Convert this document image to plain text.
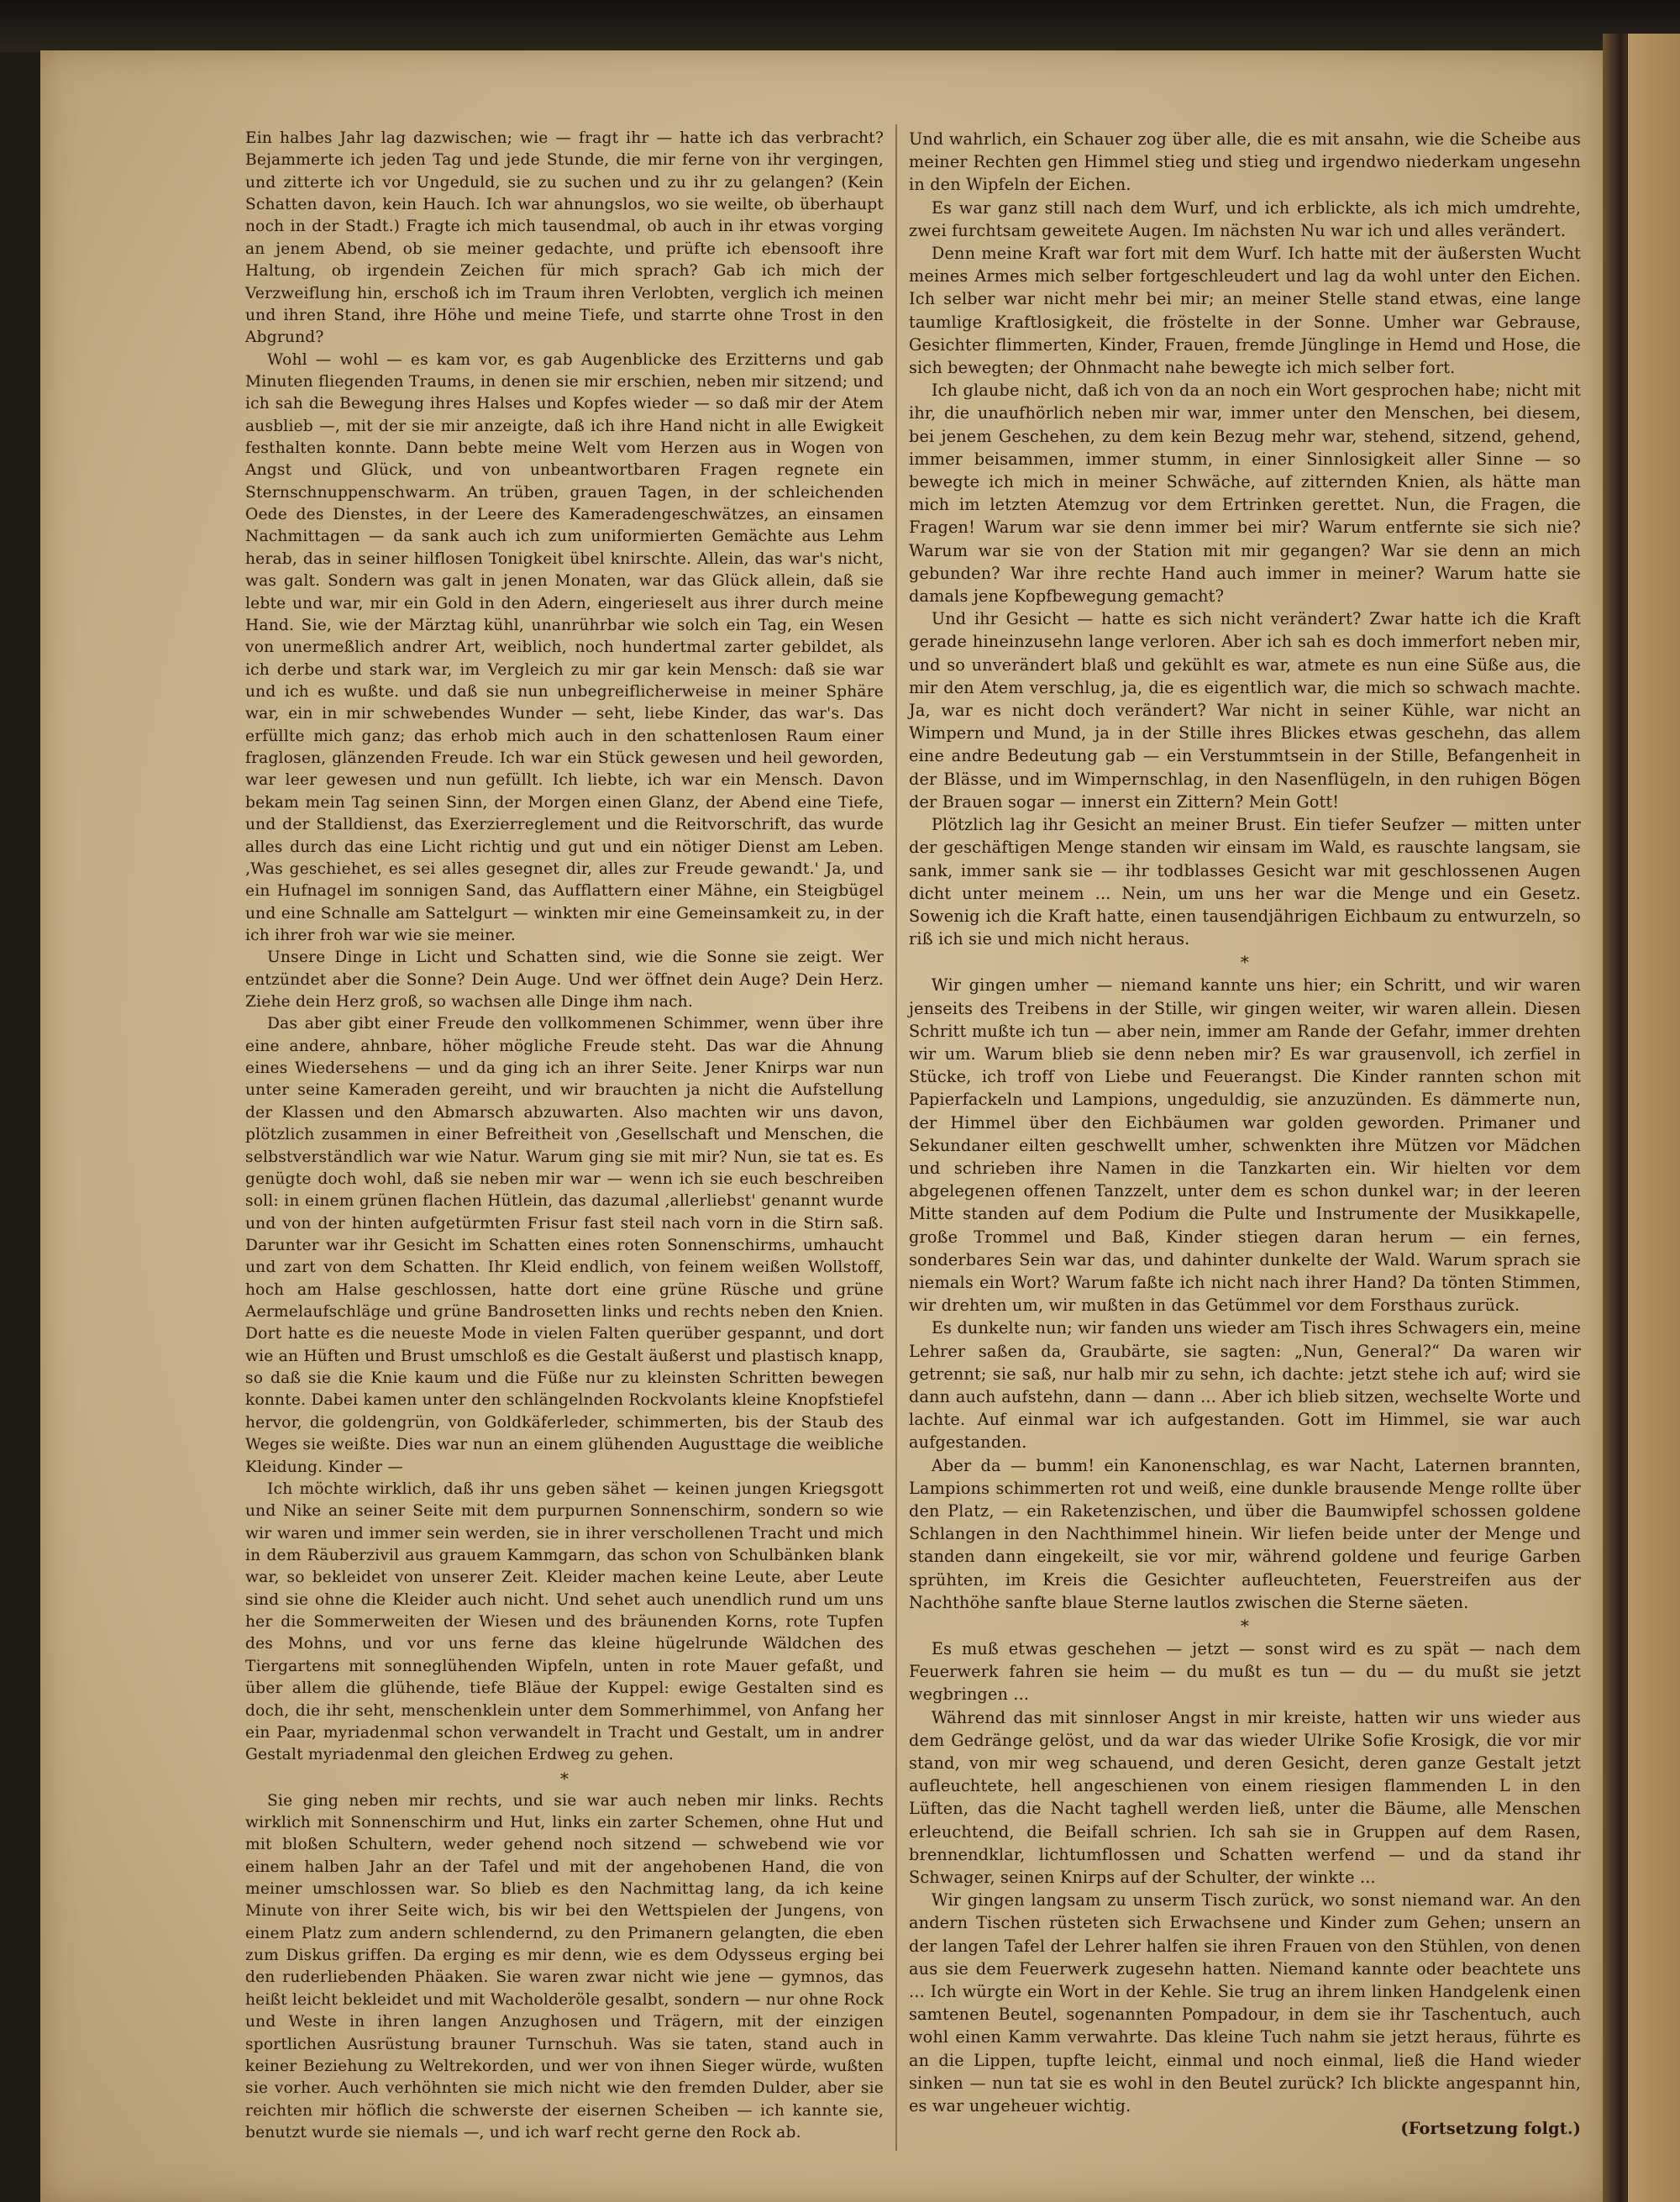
Ein halbes Jahr lag dazwischen; wie — fragt ihr — hatte ich das verbracht? Bejammerte ich jeden Tag und jede Stunde, die mir ferne von ihr vergingen, und zitterte ich vor Ungeduld, sie zu suchen und zu ihr zu gelangen? (Kein Schatten davon, kein Hauch. Ich war ahnungslos, wo sie weilte, ob überhaupt noch in der Stadt.) Fragte ich mich tausendmal, ob auch in ihr etwas vorging an jenem Abend, ob sie meiner gedachte, und prüfte ich ebensooft ihre Haltung, ob irgendein Zeichen für mich sprach? Gab ich mich der Verzweiflung hin, erschoß ich im Traum ihren Verlobten, verglich ich meinen und ihren Stand, ihre Höhe und meine Tiefe, und starrte ohne Trost in den Abgrund?

Wohl — wohl — es kam vor, es gab Augenblicke des Erzitterns und gab Minuten fliegenden Traums, in denen sie mir erschien, neben mir sitzend; und ich sah die Bewegung ihres Halses und Kopfes wieder — so daß mir der Atem ausblieb —, mit der sie mir anzeigte, daß ich ihre Hand nicht in alle Ewigkeit festhalten konnte. Dann bebte meine Welt vom Herzen aus in Wogen von Angst und Glück, und von unbeantwortbaren Fragen regnete ein Sternschnuppenschwarm. An trüben, grauen Tagen, in der schleichenden Oede des Dienstes, in der Leere des Kameradengeschwätzes, an einsamen Nachmittagen — da sank auch ich zum uniformierten Gemächte aus Lehm herab, das in seiner hilflosen Tonigkeit übel knirschte. Allein, das war's nicht, was galt. Sondern was galt in jenen Monaten, war das Glück allein, daß sie lebte und war, mir ein Gold in den Adern, eingerieselt aus ihrer durch meine Hand. Sie, wie der Märztag kühl, unanrührbar wie solch ein Tag, ein Wesen von unermeßlich andrer Art, weiblich, noch hundertmal zarter gebildet, als ich derbe und stark war, im Vergleich zu mir gar kein Mensch: daß sie war und ich es wußte. und daß sie nun unbegreiflicherweise in meiner Sphäre war, ein in mir schwebendes Wunder — seht, liebe Kinder, das war's. Das erfüllte mich ganz; das erhob mich auch in den schattenlosen Raum einer fraglosen, glänzenden Freude. Ich war ein Stück gewesen und heil geworden, war leer gewesen und nun gefüllt. Ich liebte, ich war ein Mensch. Davon bekam mein Tag seinen Sinn, der Morgen einen Glanz, der Abend eine Tiefe, und der Stalldienst, das Exerzierreglement und die Reitvorschrift, das wurde alles durch das eine Licht richtig und gut und ein nötiger Dienst am Leben. ‚Was geschiehet, es sei alles gesegnet dir, alles zur Freude gewandt.' Ja, und ein Hufnagel im sonnigen Sand, das Aufflattern einer Mähne, ein Steigbügel und eine Schnalle am Sattelgurt — winkten mir eine Gemeinsamkeit zu, in der ich ihrer froh war wie sie meiner.

Unsere Dinge in Licht und Schatten sind, wie die Sonne sie zeigt. Wer entzündet aber die Sonne? Dein Auge. Und wer öffnet dein Auge? Dein Herz. Ziehe dein Herz groß, so wachsen alle Dinge ihm nach.

Das aber gibt einer Freude den vollkommenen Schimmer, wenn über ihre eine andere, ahnbare, höher mögliche Freude steht. Das war die Ahnung eines Wiedersehens — und da ging ich an ihrer Seite. Jener Knirps war nun unter seine Kameraden gereiht, und wir brauchten ja nicht die Aufstellung der Klassen und den Abmarsch abzuwarten. Also machten wir uns davon, plötzlich zusammen in einer Befreitheit von ‚Gesellschaft und Menschen, die selbstverständlich war wie Natur. Warum ging sie mit mir? Nun, sie tat es. Es genügte doch wohl, daß sie neben mir war — wenn ich sie euch beschreiben soll: in einem grünen flachen Hütlein, das dazumal ‚allerliebst' genannt wurde und von der hinten aufgetürmten Frisur fast steil nach vorn in die Stirn saß. Darunter war ihr Gesicht im Schatten eines roten Sonnenschirms, umhaucht und zart von dem Schatten. Ihr Kleid endlich, von feinem weißen Wollstoff, hoch am Halse geschlossen, hatte dort eine grüne Rüsche und grüne Aermelaufschläge und grüne Bandrosetten links und rechts neben den Knien. Dort hatte es die neueste Mode in vielen Falten querüber gespannt, und dort wie an Hüften und Brust umschloß es die Gestalt äußerst und plastisch knapp, so daß sie die Knie kaum und die Füße nur zu kleinsten Schritten bewegen konnte. Dabei kamen unter den schlängelnden Rockvolants kleine Knopfstiefel hervor, die goldengrün, von Goldkäferleder, schimmerten, bis der Staub des Weges sie weißte. Dies war nun an einem glühenden Augusttage die weibliche Kleidung. Kinder —

Ich möchte wirklich, daß ihr uns geben sähet — keinen jungen Kriegsgott und Nike an seiner Seite mit dem purpurnen Sonnenschirm, sondern so wie wir waren und immer sein werden, sie in ihrer verschollenen Tracht und mich in dem Räuberzivil aus grauem Kammgarn, das schon von Schulbänken blank war, so bekleidet von unserer Zeit. Kleider machen keine Leute, aber Leute sind sie ohne die Kleider auch nicht. Und sehet auch unendlich rund um uns her die Sommerweiten der Wiesen und des bräunenden Korns, rote Tupfen des Mohns, und vor uns ferne das kleine hügelrunde Wäldchen des Tiergartens mit sonneglühenden Wipfeln, unten in rote Mauer gefaßt, und über allem die glühende, tiefe Bläue der Kuppel: ewige Gestalten sind es doch, die ihr seht, menschenklein unter dem Sommerhimmel, von Anfang her ein Paar, myriadenmal schon verwandelt in Tracht und Gestalt, um in andrer Gestalt myriadenmal den gleichen Erdweg zu gehen.

*

Sie ging neben mir rechts, und sie war auch neben mir links. Rechts wirklich mit Sonnenschirm und Hut, links ein zarter Schemen, ohne Hut und mit bloßen Schultern, weder gehend noch sitzend — schwebend wie vor einem halben Jahr an der Tafel und mit der angehobenen Hand, die von meiner umschlossen war. So blieb es den Nachmittag lang, da ich keine Minute von ihrer Seite wich, bis wir bei den Wettspielen der Jungens, von einem Platz zum andern schlendernd, zu den Primanern gelangten, die eben zum Diskus griffen. Da erging es mir denn, wie es dem Odysseus erging bei den ruderliebenden Phäaken. Sie waren zwar nicht wie jene — gymnos, das heißt leicht bekleidet und mit Wacholderöle gesalbt, sondern — nur ohne Rock und Weste in ihren langen Anzughosen und Trägern, mit der einzigen sportlichen Ausrüstung brauner Turnschuh. Was sie taten, stand auch in keiner Beziehung zu Weltrekorden, und wer von ihnen Sieger würde, wußten sie vorher. Auch verhöhnten sie mich nicht wie den fremden Dulder, aber sie reichten mir höflich die schwerste der eisernen Scheiben — ich kannte sie, benutzt wurde sie niemals —, und ich warf recht gerne den Rock ab.

Und wahrlich, ein Schauer zog über alle, die es mit ansahn, wie die Scheibe aus meiner Rechten gen Himmel stieg und stieg und irgendwo niederkam ungesehn in den Wipfeln der Eichen.

Es war ganz still nach dem Wurf, und ich erblickte, als ich mich umdrehte, zwei furchtsam geweitete Augen. Im nächsten Nu war ich und alles verändert.

Denn meine Kraft war fort mit dem Wurf. Ich hatte mit der äußersten Wucht meines Armes mich selber fortgeschleudert und lag da wohl unter den Eichen. Ich selber war nicht mehr bei mir; an meiner Stelle stand etwas, eine lange taumlige Kraftlosigkeit, die fröstelte in der Sonne. Umher war Gebrause, Gesichter flimmerten, Kinder, Frauen, fremde Jünglinge in Hemd und Hose, die sich bewegten; der Ohnmacht nahe bewegte ich mich selber fort.

Ich glaube nicht, daß ich von da an noch ein Wort gesprochen habe; nicht mit ihr, die unaufhörlich neben mir war, immer unter den Menschen, bei diesem, bei jenem Geschehen, zu dem kein Bezug mehr war, stehend, sitzend, gehend, immer beisammen, immer stumm, in einer Sinnlosigkeit aller Sinne — so bewegte ich mich in meiner Schwäche, auf zitternden Knien, als hätte man mich im letzten Atemzug vor dem Ertrinken gerettet. Nun, die Fragen, die Fragen! Warum war sie denn immer bei mir? Warum entfernte sie sich nie? Warum war sie von der Station mit mir gegangen? War sie denn an mich gebunden? War ihre rechte Hand auch immer in meiner? Warum hatte sie damals jene Kopfbewegung gemacht?

Und ihr Gesicht — hatte es sich nicht verändert? Zwar hatte ich die Kraft gerade hineinzusehn lange verloren. Aber ich sah es doch immerfort neben mir, und so unverändert blaß und gekühlt es war, atmete es nun eine Süße aus, die mir den Atem verschlug, ja, die es eigentlich war, die mich so schwach machte. Ja, war es nicht doch verändert? War nicht in seiner Kühle, war nicht an Wimpern und Mund, ja in der Stille ihres Blickes etwas geschehn, das allem eine andre Bedeutung gab — ein Verstummtsein in der Stille, Befangenheit in der Blässe, und im Wimpernschlag, in den Nasenflügeln, in den ruhigen Bögen der Brauen sogar — innerst ein Zittern? Mein Gott!

Plötzlich lag ihr Gesicht an meiner Brust. Ein tiefer Seufzer — mitten unter der geschäftigen Menge standen wir einsam im Wald, es rauschte langsam, sie sank, immer sank sie — ihr todblasses Gesicht war mit geschlossenen Augen dicht unter meinem ... Nein, um uns her war die Menge und ein Gesetz. Sowenig ich die Kraft hatte, einen tausendjährigen Eichbaum zu entwurzeln, so riß ich sie und mich nicht heraus.

*

Wir gingen umher — niemand kannte uns hier; ein Schritt, und wir waren jenseits des Treibens in der Stille, wir gingen weiter, wir waren allein. Diesen Schritt mußte ich tun — aber nein, immer am Rande der Gefahr, immer drehten wir um. Warum blieb sie denn neben mir? Es war grausenvoll, ich zerfiel in Stücke, ich troff von Liebe und Feuerangst. Die Kinder rannten schon mit Papierfackeln und Lampions, ungeduldig, sie anzuzünden. Es dämmerte nun, der Himmel über den Eichbäumen war golden geworden. Primaner und Sekundaner eilten geschwellt umher, schwenkten ihre Mützen vor Mädchen und schrieben ihre Namen in die Tanzkarten ein. Wir hielten vor dem abgelegenen offenen Tanzzelt, unter dem es schon dunkel war; in der leeren Mitte standen auf dem Podium die Pulte und Instrumente der Musikkapelle, große Trommel und Baß, Kinder stiegen daran herum — ein fernes, sonderbares Sein war das, und dahinter dunkelte der Wald. Warum sprach sie niemals ein Wort? Warum faßte ich nicht nach ihrer Hand? Da tönten Stimmen, wir drehten um, wir mußten in das Getümmel vor dem Forsthaus zurück.

Es dunkelte nun; wir fanden uns wieder am Tisch ihres Schwagers ein, meine Lehrer saßen da, Graubärte, sie sagten: „Nun, General?“ Da waren wir getrennt; sie saß, nur halb mir zu sehn, ich dachte: jetzt stehe ich auf; wird sie dann auch aufstehn, dann — dann ... Aber ich blieb sitzen, wechselte Worte und lachte. Auf einmal war ich aufgestanden. Gott im Himmel, sie war auch aufgestanden.

Aber da — bumm! ein Kanonenschlag, es war Nacht, Laternen brannten, Lampions schimmerten rot und weiß, eine dunkle brausende Menge rollte über den Platz, — ein Raketenzischen, und über die Baumwipfel schossen goldene Schlangen in den Nachthimmel hinein. Wir liefen beide unter der Menge und standen dann eingekeilt, sie vor mir, während goldene und feurige Garben sprühten, im Kreis die Gesichter aufleuchteten, Feuerstreifen aus der Nachthöhe sanfte blaue Sterne lautlos zwischen die Sterne säeten.

*

Es muß etwas geschehen — jetzt — sonst wird es zu spät — nach dem Feuerwerk fahren sie heim — du mußt es tun — du — du mußt sie jetzt wegbringen ...

Während das mit sinnloser Angst in mir kreiste, hatten wir uns wieder aus dem Gedränge gelöst, und da war das wieder Ulrike Sofie Krosigk, die vor mir stand, von mir weg schauend, und deren Gesicht, deren ganze Gestalt jetzt aufleuchtete, hell angeschienen von einem riesigen flammenden L in den Lüften, das die Nacht taghell werden ließ, unter die Bäume, alle Menschen erleuchtend, die Beifall schrien. Ich sah sie in Gruppen auf dem Rasen, brennendklar, lichtumflossen und Schatten werfend — und da stand ihr Schwager, seinen Knirps auf der Schulter, der winkte ...

Wir gingen langsam zu unserm Tisch zurück, wo sonst niemand war. An den andern Tischen rüsteten sich Erwachsene und Kinder zum Gehen; unsern an der langen Tafel der Lehrer halfen sie ihren Frauen von den Stühlen, von denen aus sie dem Feuerwerk zugesehn hatten. Niemand kannte oder beachtete uns ... Ich würgte ein Wort in der Kehle. Sie trug an ihrem linken Handgelenk einen samtenen Beutel, sogenannten Pompadour, in dem sie ihr Taschentuch, auch wohl einen Kamm verwahrte. Das kleine Tuch nahm sie jetzt heraus, führte es an die Lippen, tupfte leicht, einmal und noch einmal, ließ die Hand wieder sinken — nun tat sie es wohl in den Beutel zurück? Ich blickte angespannt hin, es war ungeheuer wichtig.

(Fortsetzung folgt.)
